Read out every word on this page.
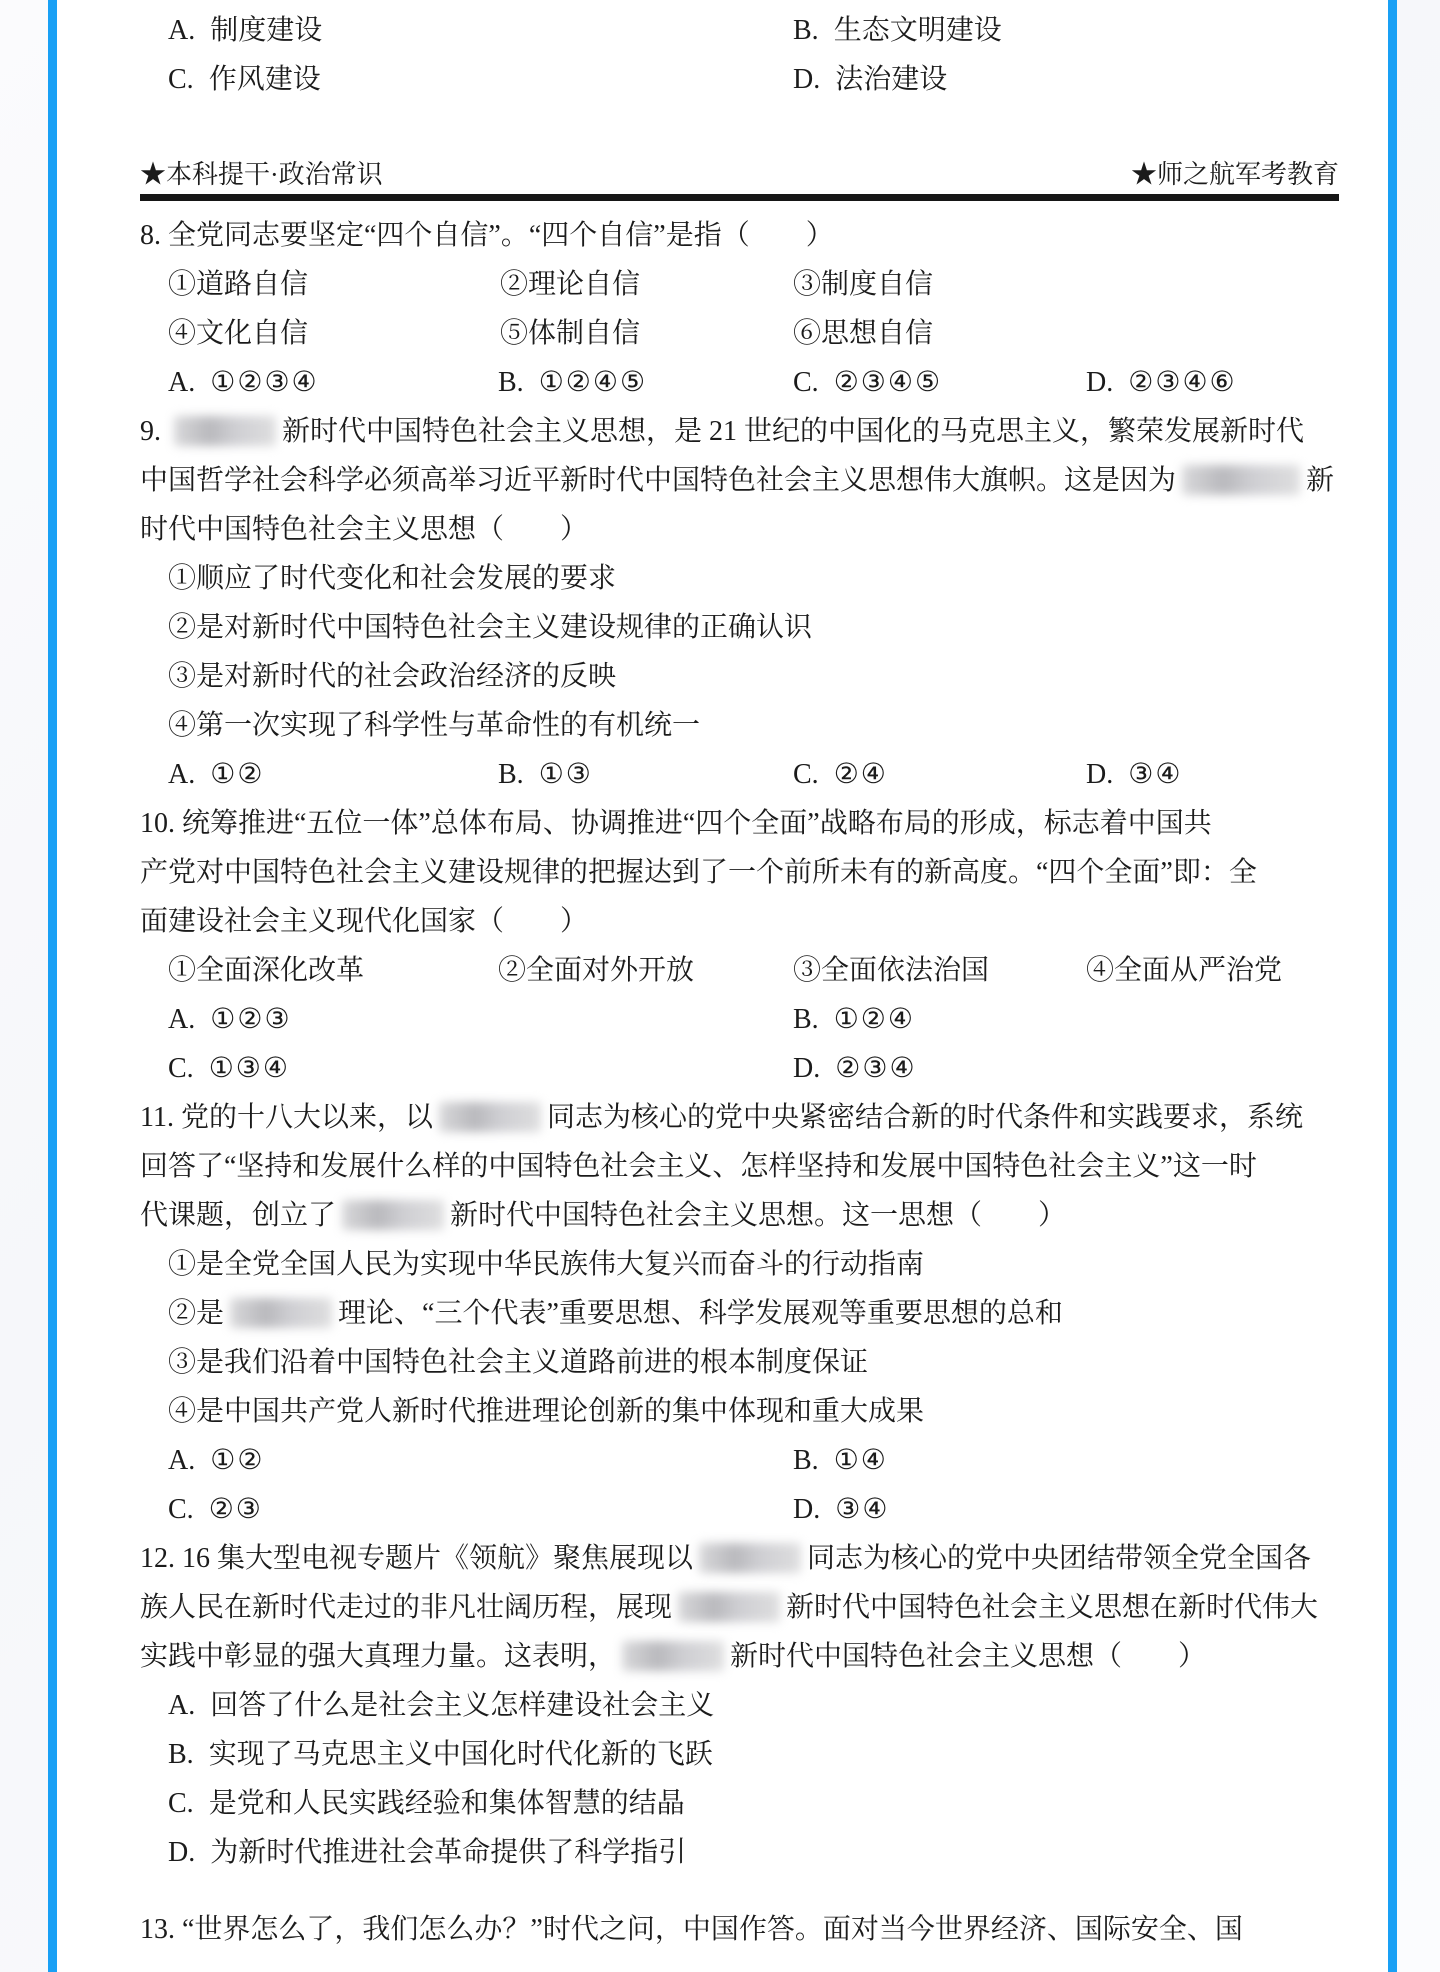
A. 制度建设	B. 生态文明建设
C. 作风建设	D. 法治建设
★本科提干·政治常识	★师之航军考教育
8. 全党同志要坚定“四个自信”。“四个自信”是指（　　）
①道路自信	②理论自信	③制度自信
④文化自信	⑤体制自信	⑥思想自信
A. ①②③④	B. ①②④⑤	C. ②③④⑤	D. ②③④⑥
9.	新时代中国特色社会主义思想，是 21 世纪的中国化的马克思主义，繁荣发展新时代
中国哲学社会科学必须高举习近平新时代中国特色社会主义思想伟大旗帜。这是因为	新
时代中国特色社会主义思想（　　）
①顺应了时代变化和社会发展的要求
②是对新时代中国特色社会主义建设规律的正确认识
③是对新时代的社会政治经济的反映
④第一次实现了科学性与革命性的有机统一
A. ①②	B. ①③	C. ②④	D. ③④
10. 统筹推进“五位一体”总体布局、协调推进“四个全面”战略布局的形成，标志着中国共
产党对中国特色社会主义建设规律的把握达到了一个前所未有的新高度。“四个全面”即：全
面建设社会主义现代化国家（　　）
①全面深化改革	②全面对外开放	③全面依法治国	④全面从严治党
A. ①②③	B. ①②④
C. ①③④	D. ②③④
11. 党的十八大以来，以	同志为核心的党中央紧密结合新的时代条件和实践要求，系统
回答了“坚持和发展什么样的中国特色社会主义、怎样坚持和发展中国特色社会主义”这一时
代课题，创立了	新时代中国特色社会主义思想。这一思想（　　）
①是全党全国人民为实现中华民族伟大复兴而奋斗的行动指南
②是	理论、“三个代表”重要思想、科学发展观等重要思想的总和
③是我们沿着中国特色社会主义道路前进的根本制度保证
④是中国共产党人新时代推进理论创新的集中体现和重大成果
A. ①②	B. ①④
C. ②③	D. ③④
12. 16 集大型电视专题片《领航》聚焦展现以	同志为核心的党中央团结带领全党全国各
族人民在新时代走过的非凡壮阔历程，展现	新时代中国特色社会主义思想在新时代伟大
实践中彰显的强大真理力量。这表明，	新时代中国特色社会主义思想（　　）
A. 回答了什么是社会主义怎样建设社会主义
B. 实现了马克思主义中国化时代化新的飞跃
C. 是党和人民实践经验和集体智慧的结晶
D. 为新时代推进社会革命提供了科学指引
13. “世界怎么了，我们怎么办？”时代之问，中国作答。面对当今世界经济、国际安全、国
